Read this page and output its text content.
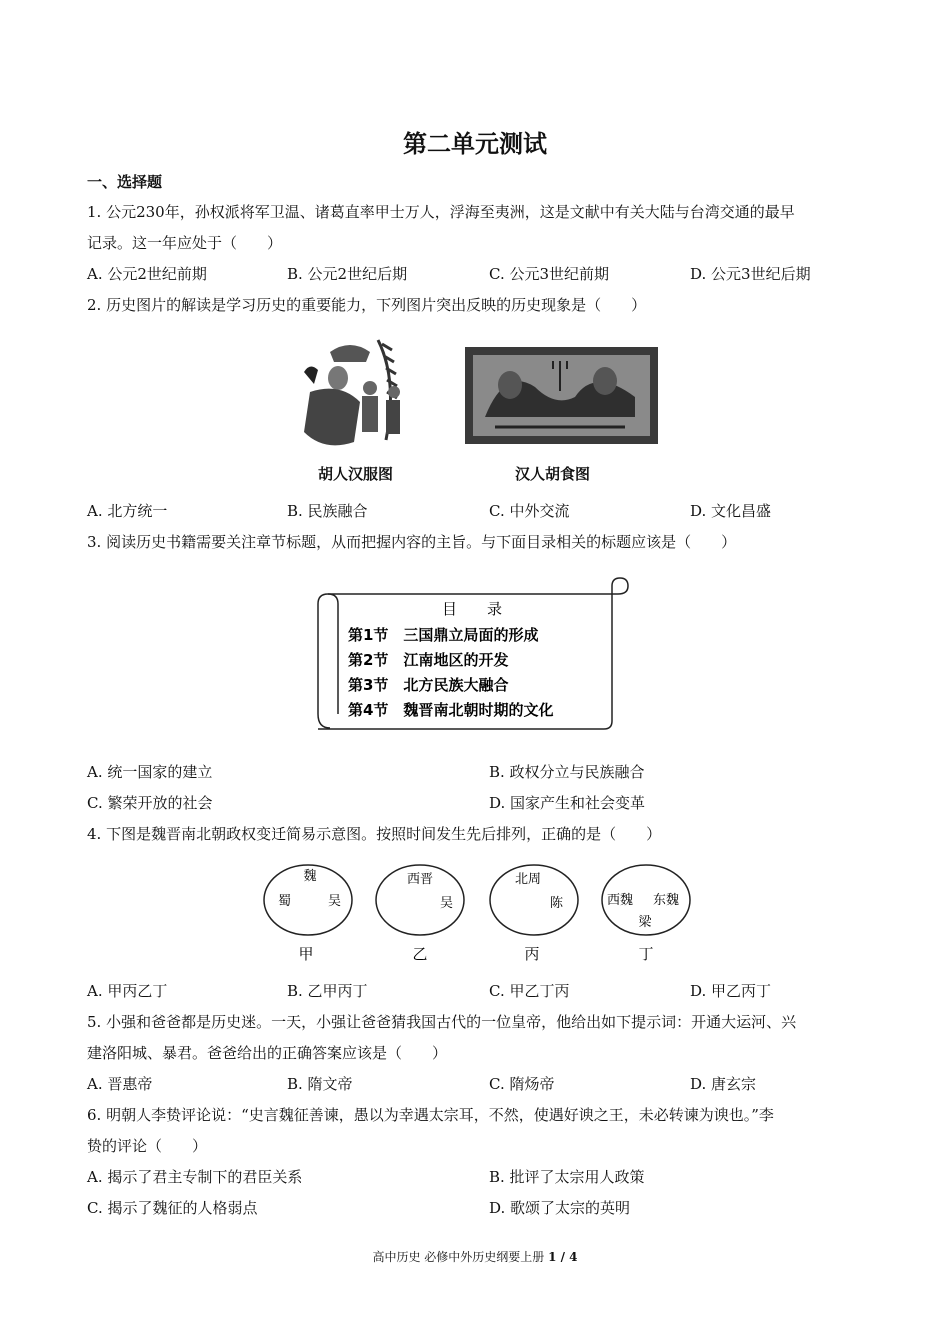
第二单元测试
一、选择题
1. 公元230年，孙权派将军卫温、诸葛直率甲士万人，浮海至夷洲，这是文献中有关大陆与台湾交通的最早
记录。这一年应处于（　　）
A. 公元2世纪前期	B. 公元2世纪后期	C. 公元3世纪前期	D. 公元3世纪后期
2. 历史图片的解读是学习历史的重要能力，下列图片突出反映的历史现象是（　　）
胡人汉服图	汉人胡食图
A. 北方统一	B. 民族融合	C. 中外交流	D. 文化昌盛
3. 阅读历史书籍需要关注章节标题，从而把握内容的主旨。与下面目录相关的标题应该是（　　）
目　　录
第1节　三国鼎立局面的形成
第2节　江南地区的开发
第3节　北方民族大融合
第4节　魏晋南北朝时期的文化
A. 统一国家的建立	B. 政权分立与民族融合
C. 繁荣开放的社会	D. 国家产生和社会变革
4. 下图是魏晋南北朝政权变迁简易示意图。按照时间发生先后排列，正确的是（　　）
魏
蜀	吴
甲
西晋
吴
乙
北周
陈
丙
西魏 东魏
梁
丁
A. 甲丙乙丁	B. 乙甲丙丁	C. 甲乙丁丙	D. 甲乙丙丁
5. 小强和爸爸都是历史迷。一天，小强让爸爸猜我国古代的一位皇帝，他给出如下提示词：开通大运河、兴
建洛阳城、暴君。爸爸给出的正确答案应该是（　　）
A. 晋惠帝	B. 隋文帝	C. 隋炀帝	D. 唐玄宗
6. 明朝人李贽评论说：“史言魏征善谏，愚以为幸遇太宗耳，不然，使遇好谀之王，未必转谏为谀也。”李
贽的评论（　　）
A. 揭示了君主专制下的君臣关系	B. 批评了太宗用人政策
C. 揭示了魏征的人格弱点	D. 歌颂了太宗的英明
高中历史 必修中外历史纲要上册 1 / 4
